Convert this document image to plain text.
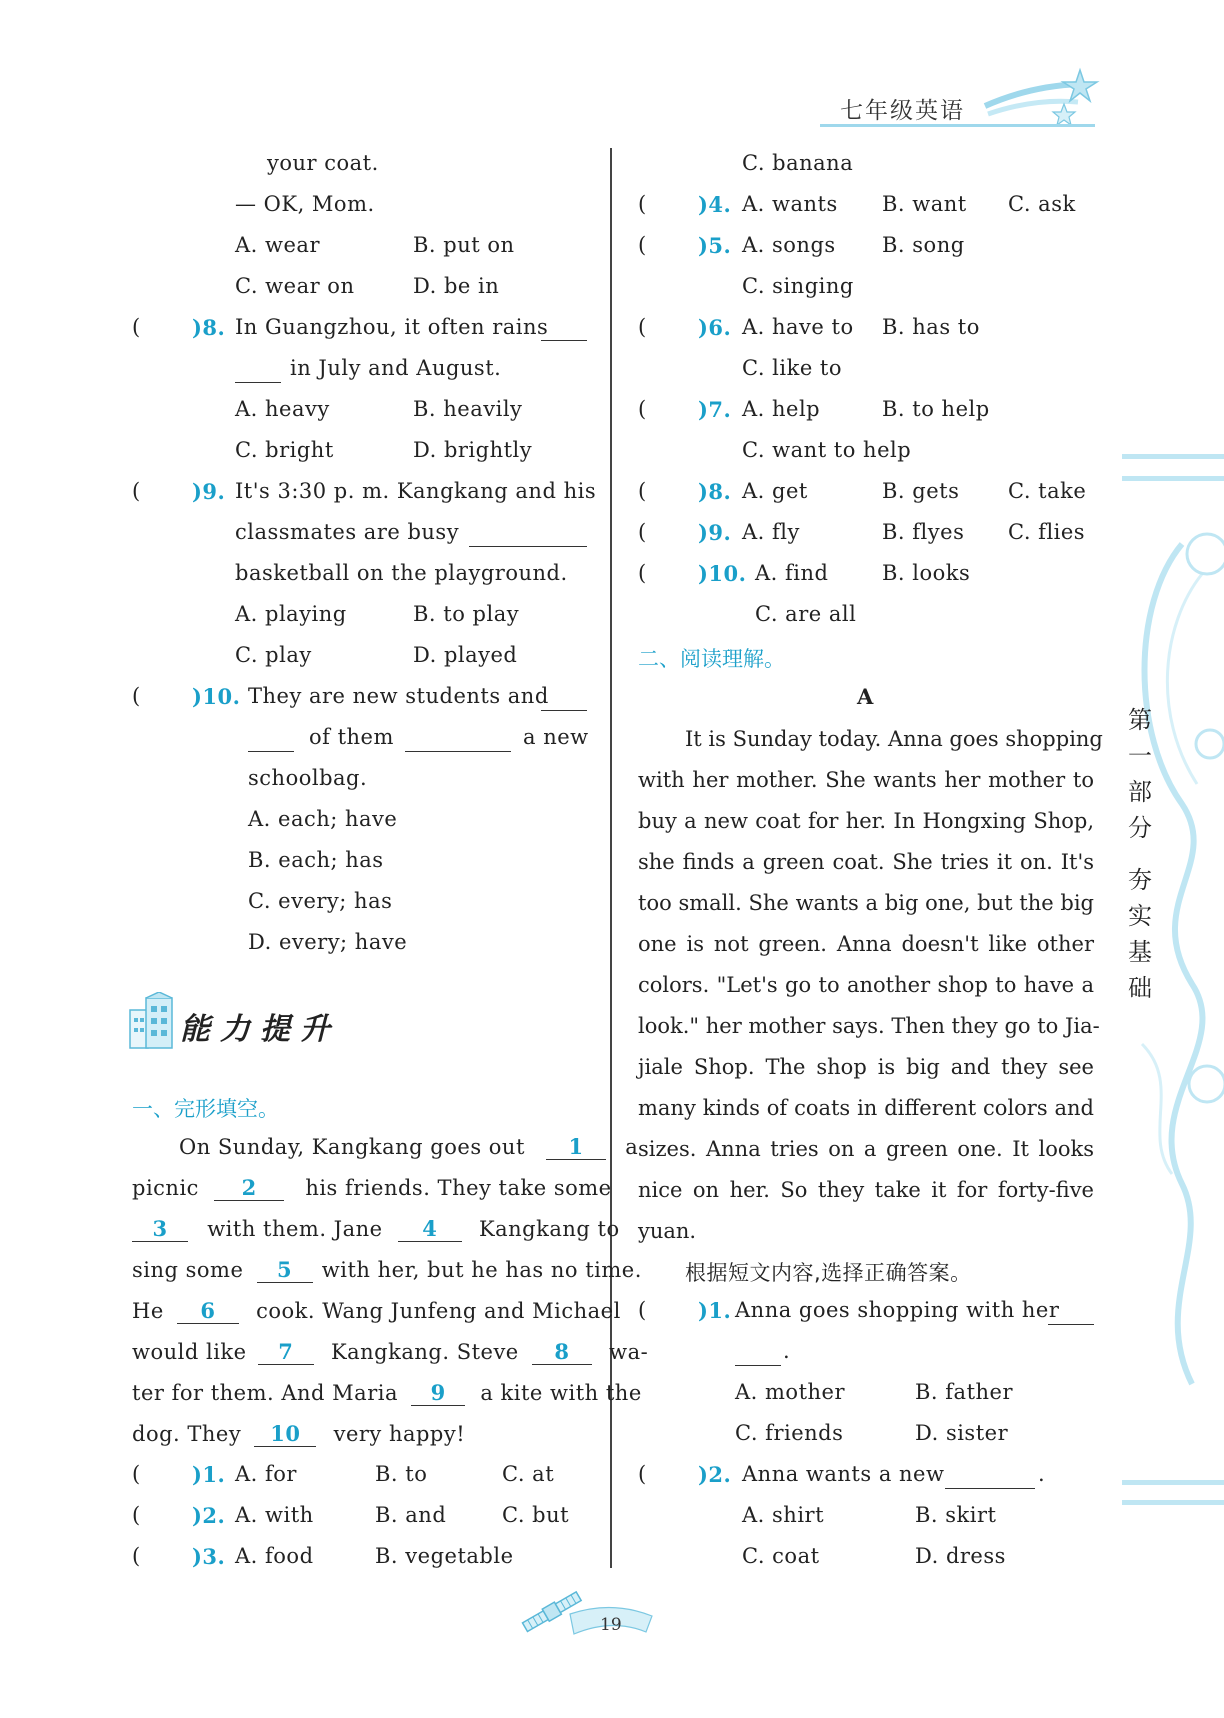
七年级英语
your coat.
— OK, Mom.
A. wear	B. put on
C. wear on	D. be in
( )8. In Guangzhou, it often rains
in July and August.
A. heavy	B. heavily
C. bright	D. brightly
( )9. It's 3:30 p. m. Kangkang and his
classmates are busy
basketball on the playground.
A. playing	B. to play
C. play	D. played
( )10. They are new students and
of them	a new
schoolbag.
A. each; have
B. each; has
C. every; has
D. every; have
能力提升
一、完形填空。
On Sunday, Kangkang goes out 1 a
picnic 2 his friends. They take some
3 with them. Jane 4 Kangkang to
sing some 5 with her, but he has no time.
He 6 cook. Wang Junfeng and Michael
would like 7 Kangkang. Steve 8 wa-
ter for them. And Maria 9 a kite with the
dog. They 10 very happy!
( )1. A. for	B. to	C. at
( )2. A. with	B. and	C. but
( )3. A. food	B. vegetable
C. banana
( )4. A. wants B. want C. ask
( )5. A. songs B. song
C. singing
( )6. A. have to B. has to
C. like to
( )7. A. help	B. to help
C. want to help
( )8. A. get	B. gets C. take
( )9. A. fly	B. flyes C. flies
( )10. A. find	B. looks
C. are all
二、阅读理解。
A
It is Sunday today. Anna goes shopping
with her mother. She wants her mother to
buy a new coat for her. In Hongxing Shop,
she finds a green coat. She tries it on. It's
too small. She wants a big one, but the big
one is not green. Anna doesn't like other
colors. "Let's go to another shop to have a
look." her mother says. Then they go to Jia-
jiale Shop. The shop is big and they see
many kinds of coats in different colors and
sizes. Anna tries on a green one. It looks
nice on her. So they take it for forty-five
yuan.
根据短文内容,选择正确答案。
( )1. Anna goes shopping with her
.
A. mother	B. father
C. friends	D. sister
( )2. Anna wants a new	.
A. shirt	B. skirt
C. coat	D. dress
第
一
部
分
夯
实
基
础
19
